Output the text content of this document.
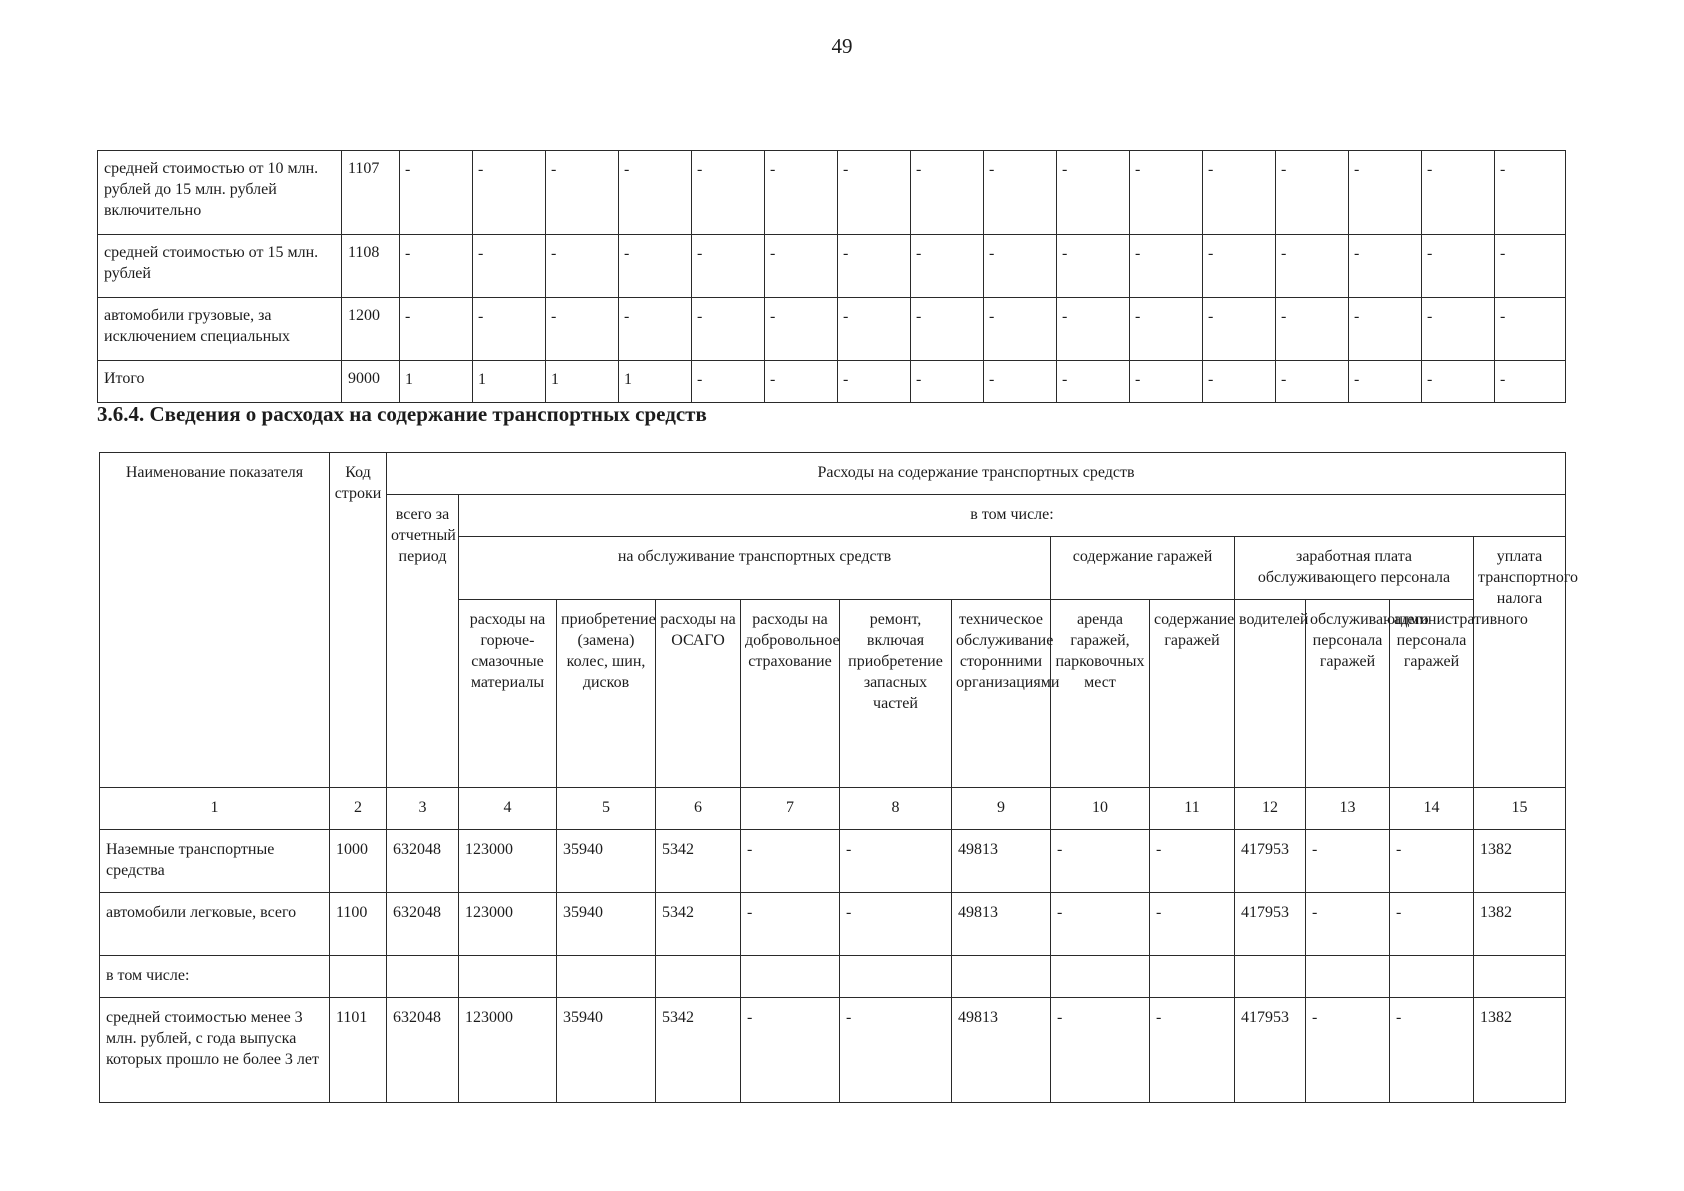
49
средней стоимостью от 10 млн. рублей до 15 млн. рублей включительно	1107	-	-	-	-	-	-	-	-	-	-	-	-	-	-	-	-
средней стоимостью от 15 млн. рублей	1108	-	-	-	-	-	-	-	-	-	-	-	-	-	-	-	-
автомобили грузовые, за исключением специальных	1200	-	-	-	-	-	-	-	-	-	-	-	-	-	-	-	-
Итого	9000	1	1	1	1	-	-	-	-	-	-	-	-	-	-	-	-
3.6.4. Сведения о расходах на содержание транспортных средств
Наименование показателя	Код строки	Расходы на содержание транспортных средств												
		всего за отчетный период	в том числе:											
			на обслуживание транспортных средств						содержание гаражей		заработная плата обслуживающего персонала			уплата транспортного налога
			расходы на горюче-смазочные материалы	приобретение (замена) колес, шин, дисков	расходы на ОСАГО	расходы на добровольное страхование	ремонт, включая приобретение запасных частей	техническое обслуживание сторонними организациями	аренда гаражей, парковочных мест	содержание гаражей	водителей	обслуживающего персонала гаражей	административного персонала гаражей	
1	2	3	4	5	6	7	8	9	10	11	12	13	14	15
Наземные транспортные средства	1000	632048	123000	35940	5342	-	-	49813	-	-	417953	-	-	1382
автомобили легковые, всего	1100	632048	123000	35940	5342	-	-	49813	-	-	417953	-	-	1382
в том числе:														
средней стоимостью менее 3 млн. рублей, с года выпуска которых прошло не более 3 лет	1101	632048	123000	35940	5342	-	-	49813	-	-	417953	-	-	1382
